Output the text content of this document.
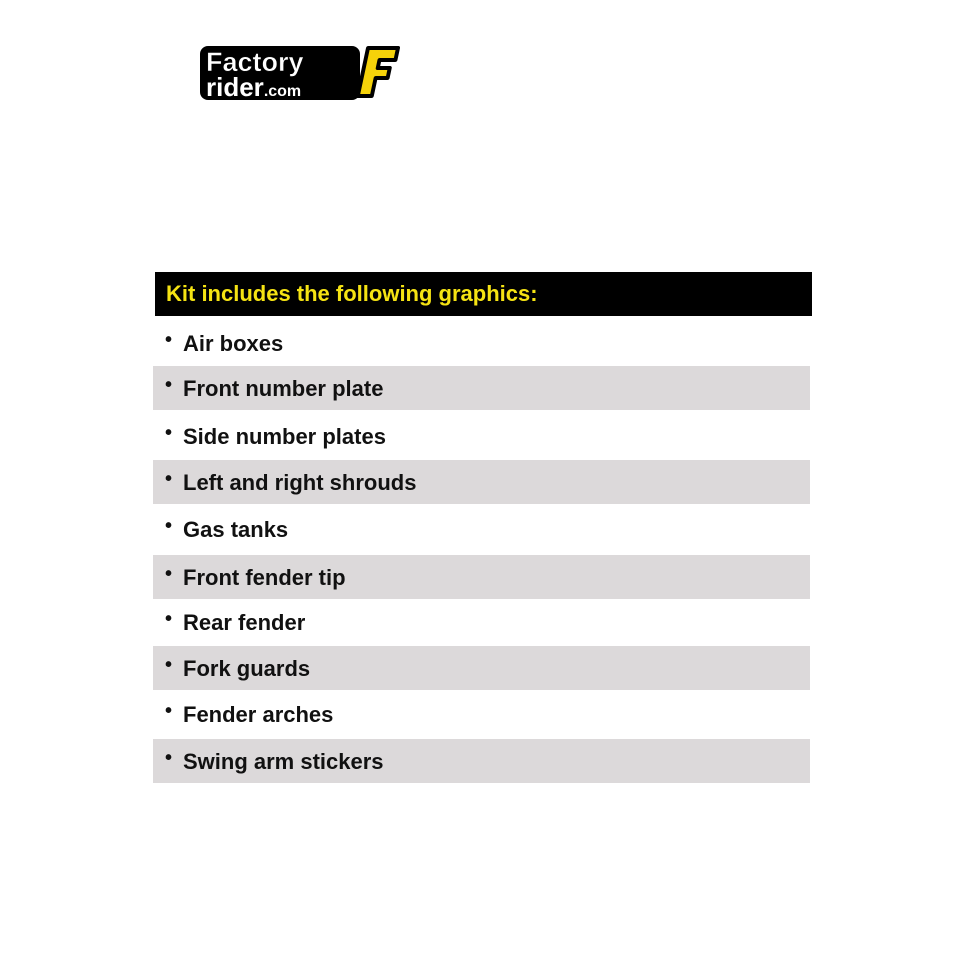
Factory
rider.com
Kit includes the following graphics:
• Air boxes
• Front number plate
• Side number plates
• Left and right shrouds
• Gas tanks
• Front fender tip
• Rear fender
• Fork guards
• Fender arches
• Swing arm stickers
